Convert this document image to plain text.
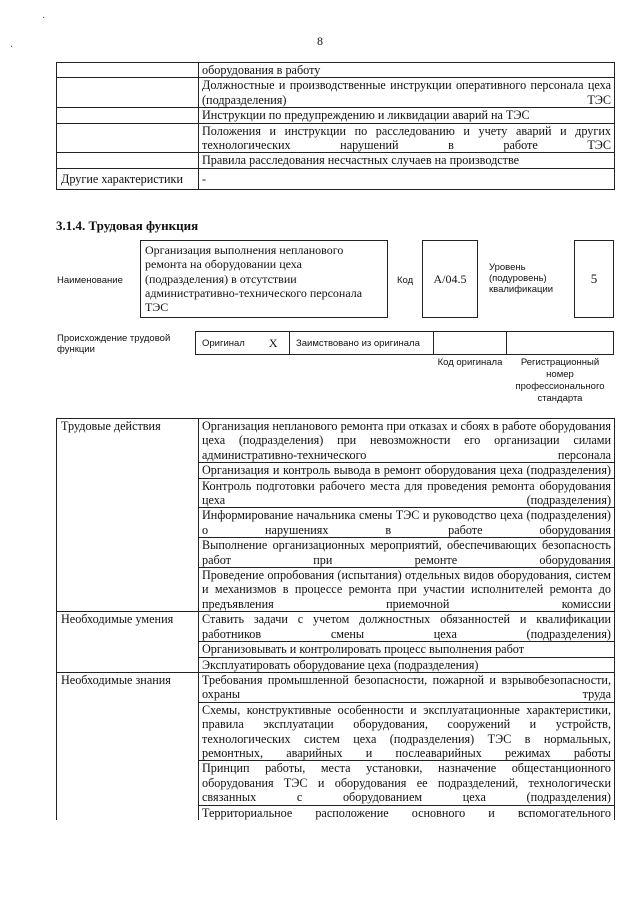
8
·
·
	оборудования в работу
	Должностные и производственные инструкции оперативного персонала цеха (подразделения) ТЭС
	Инструкции по предупреждению и ликвидации аварий на ТЭС
	Положения и инструкции по расследованию и учету аварий и других технологических нарушений в работе ТЭС
	Правила расследования несчастных случаев на производстве
Другие характеристики	-
3.1.4. Трудовая функция
Наименование
Организация выполнения непланового ремонта на оборудовании цеха (подразделения) в отсутствии административно-технического персонала ТЭС
Код	А/04.5
Уровень (подуровень) квалификации
5
Происхождение трудовой функции
Оригинал X	Заимствовано из оригинала
Код оригинала	Регистрационный номер профессионального стандарта
Трудовые действия	Организация непланового ремонта при отказах и сбоях в работе оборудования цеха (подразделения) при невозможности его организации силами административно-технического персонала
	Организация и контроль вывода в ремонт оборудования цеха (подразделения)
	Контроль подготовки рабочего места для проведения ремонта оборудования цеха (подразделения)
	Информирование начальника смены ТЭС и руководство цеха (подразделения) о нарушениях в работе оборудования
	Выполнение организационных мероприятий, обеспечивающих безопасность работ при ремонте оборудования
	Проведение опробования (испытания) отдельных видов оборудования, систем и механизмов в процессе ремонта при участии исполнителей ремонта до предъявления приемочной комиссии
Необходимые умения	Ставить задачи с учетом должностных обязанностей и квалификации работников смены цеха (подразделения)
	Организовывать и контролировать процесс выполнения работ
	Эксплуатировать оборудование цеха (подразделения)
Необходимые знания	Требования промышленной безопасности, пожарной и взрывобезопасности, охраны труда
	Схемы, конструктивные особенности и эксплуатационные характеристики, правила эксплуатации оборудования, сооружений и устройств, технологических систем цеха (подразделения) ТЭС в нормальных, ремонтных, аварийных и послеаварийных режимах работы
	Принцип работы, места установки, назначение общестанционного оборудования ТЭС и оборудования ее подразделений, технологически связанных с оборудованием цеха (подразделения)
	Территориальное расположение основного и вспомогательного
